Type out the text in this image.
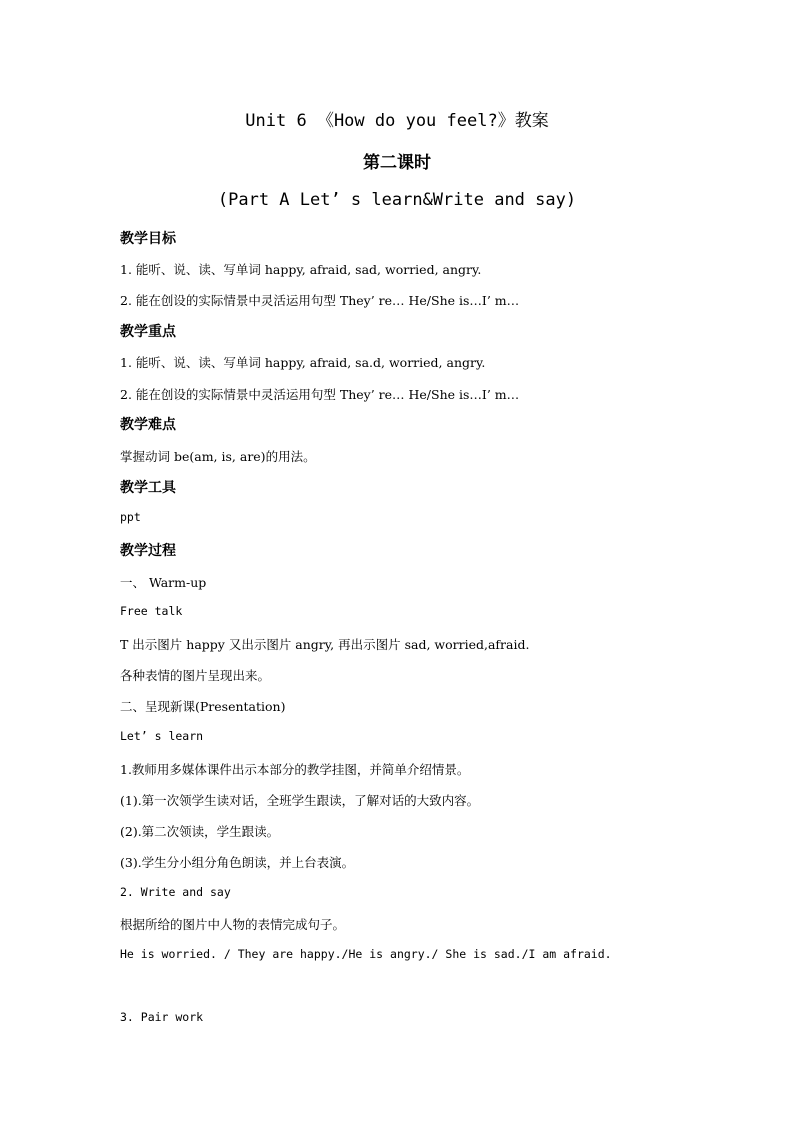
Unit 6 《How do you feel?》教案
第二课时
(Part A Let’ s learn&Write and say)
教学目标
1. 能听、说、读、写单词 happy, afraid, sad, worried, angry.
2. 能在创设的实际情景中灵活运用句型 They’ re… He/She is…I’ m…
教学重点
1. 能听、说、读、写单词 happy, afraid, sa.d, worried, angry.
2. 能在创设的实际情景中灵活运用句型 They’ re… He/She is…I’ m…
教学难点
掌握动词 be(am, is, are)的用法。
教学工具
ppt
教学过程
一、 Warm-up
Free talk
T 出示图片 happy 又出示图片 angry, 再出示图片 sad, worried,afraid.
各种表情的图片呈现出来。
二、呈现新课(Presentation)
Let’ s learn
1.教师用多媒体课件出示本部分的教学挂图，并简单介绍情景。
(1).第一次领学生读对话，全班学生跟读，了解对话的大致内容。
(2).第二次领读，学生跟读。
(3).学生分小组分角色朗读，并上台表演。
2. Write and say
根据所给的图片中人物的表情完成句子。
He is worried. / They are happy./He is angry./ She is sad./I am afraid.
3. Pair work
